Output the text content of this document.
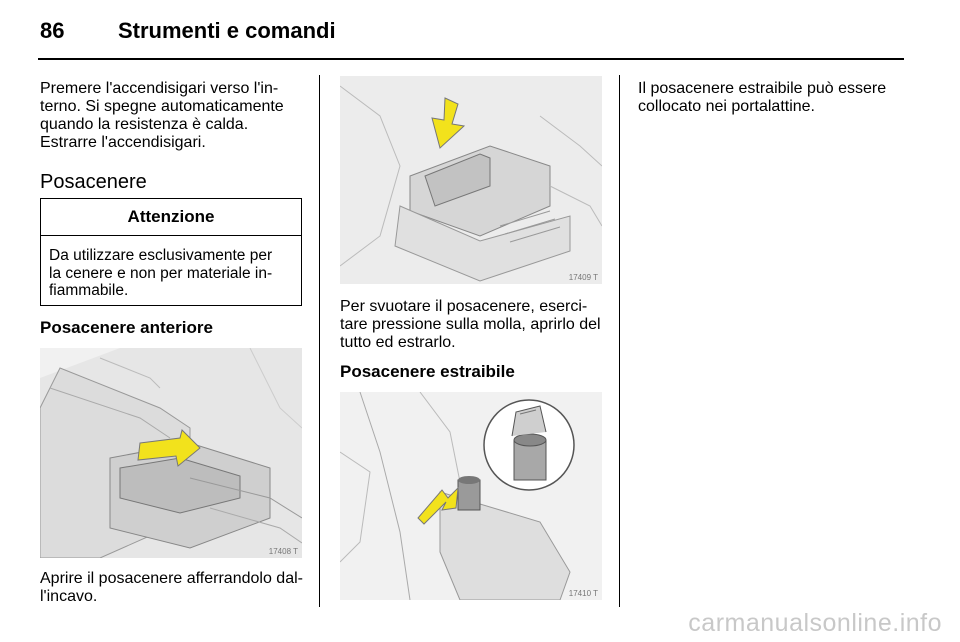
86 Strumenti e comandi

Premere l'accendisigari verso l'in-

terno. Si spegne automaticamente

quando la resistenza è calda.

Estrarre l'accendisigari.

Posacenere
Attenzione
Da utilizzare esclusivamente per
la cenere e non per materiale in-
fiammabile.
Posacenere anteriore
17408 T

Aprire il posacenere afferrandolo dal-

l'incavo.

17409 T

Per svuotare il posacenere, eserci-

tare pressione sulla molla, aprirlo del

tutto ed estrarlo.

Posacenere estraibile
17410 T

Il posacenere estraibile può essere

collocato nei portalattine.

carmanualsonline.info
